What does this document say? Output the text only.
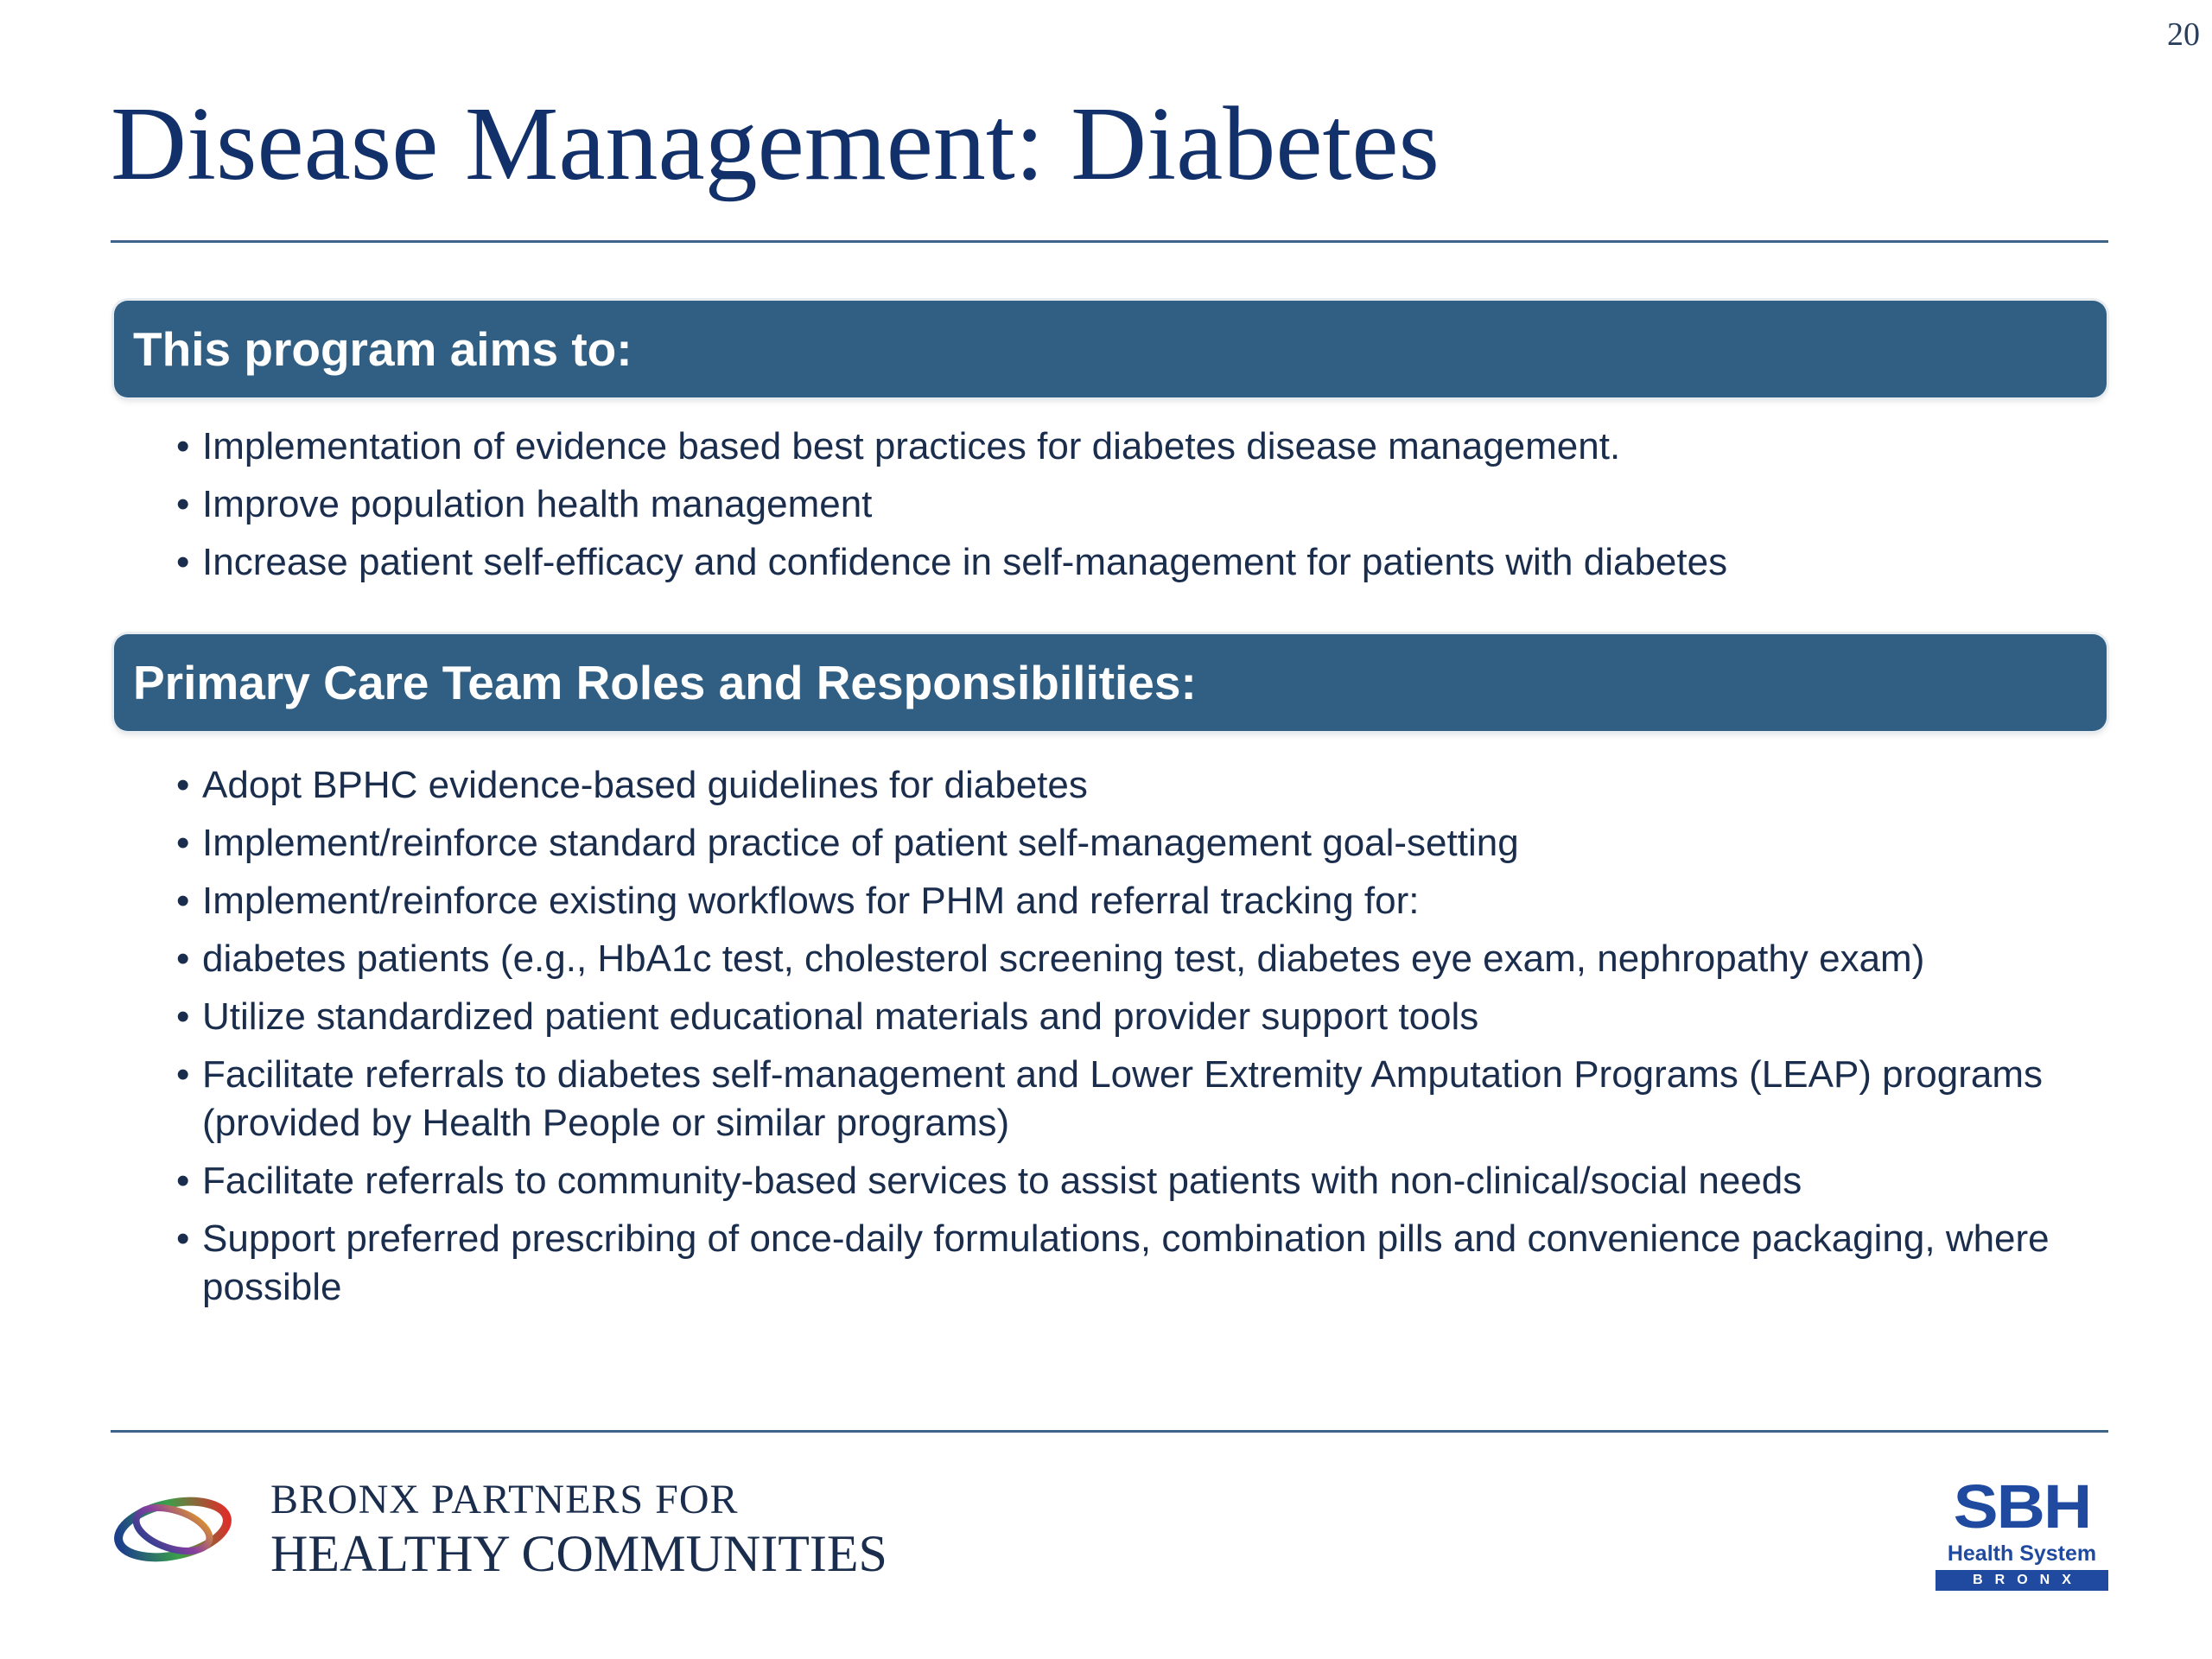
20
Disease Management: Diabetes
This program aims to:
• Implementation of evidence based best practices for diabetes disease management.
• Improve population health management
• Increase patient self-efficacy and confidence in self-management for patients with diabetes
Primary Care Team Roles and Responsibilities:
• Adopt BPHC evidence-based guidelines for diabetes
• Implement/reinforce standard practice of patient self-management goal-setting
• Implement/reinforce existing workflows for PHM and referral tracking for:
• diabetes patients (e.g., HbA1c test, cholesterol screening test, diabetes eye exam, nephropathy exam)
• Utilize standardized patient educational materials and provider support tools
• Facilitate referrals to diabetes self-management and Lower Extremity Amputation Programs (LEAP) programs (provided by Health People or similar programs)
• Facilitate referrals to community-based services to assist patients with non-clinical/social needs
• Support preferred prescribing of once-daily formulations, combination pills and convenience packaging, where possible
BRONX PARTNERS FOR
HEALTHY COMMUNITIES
SBH
Health System
BRONX
